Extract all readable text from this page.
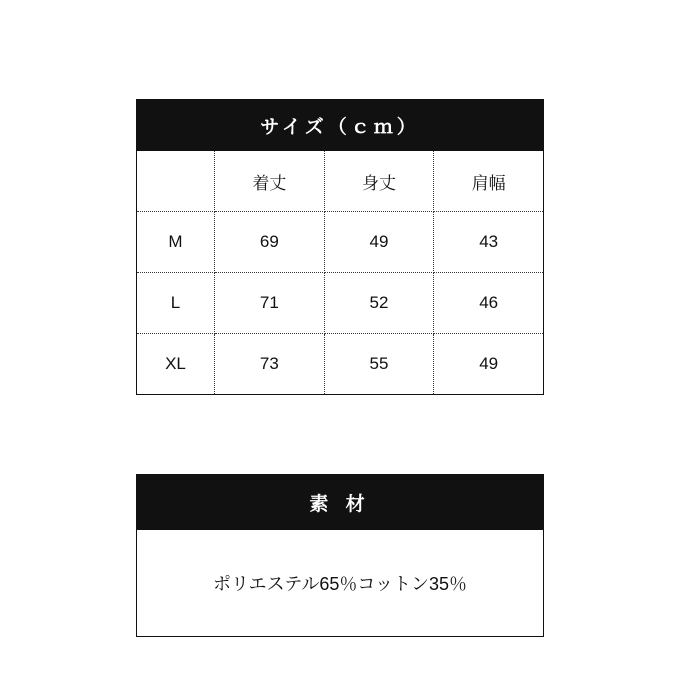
サイズ（ｃｍ）			
	着丈	身丈	肩幅
M	69	49	43
L	71	52	46
XL	73	55	49
素 材
ポリエステル65％コットン35％
